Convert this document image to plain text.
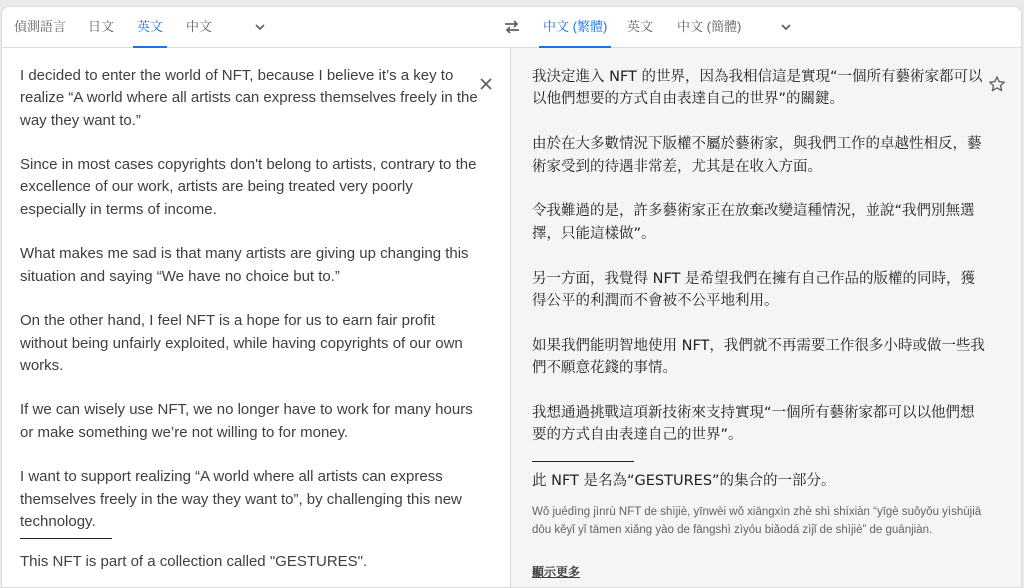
偵測語言 日文 英文 中文	中文 (繁體) 英文 中文 (簡體)

I decided to enter the world of NFT, because I believe it’s a key to realize “A world where all artists can express themselves freely in the way they want to.”

Since in most cases copyrights don't belong to artists, contrary to the excellence of our work, artists are being treated very poorly especially in terms of income.

What makes me sad is that many artists are giving up changing this situation and saying “We have no choice but to.”

On the other hand, I feel NFT is a hope for us to earn fair profit without being unfairly exploited, while having copyrights of our own works.

If we can wisely use NFT, we no longer have to work for many hours or make something we’re not willing to for money.

I want to support realizing “A world where all artists can express themselves freely in the way they want to”, by challenging this new technology.

This NFT is part of a collection called "GESTURES".

我決定進入 NFT 的世界，因為我相信這是實現“一個所有藝術家都可以以他們想要的方式自由表達自己的世界”的關鍵。

由於在大多數情況下版權不屬於藝術家，與我們工作的卓越性相反，藝術家受到的待遇非常差，尤其是在收入方面。

令我難過的是，許多藝術家正在放棄改變這種情況，並說“我們別無選擇，只能這樣做”。

另一方面，我覺得 NFT 是希望我們在擁有自己作品的版權的同時，獲得公平的利潤而不會被不公平地利用。

如果我們能明智地使用 NFT，我們就不再需要工作很多小時或做一些我們不願意花錢的事情。

我想通過挑戰這項新技術來支持實現“一個所有藝術家都可以以他們想要的方式自由表達自己的世界”。

此 NFT 是名為“GESTURES”的集合的一部分。

Wǒ juédìng jìnrù NFT de shìjiè, yīnwèi wǒ xiāngxìn zhè shì shíxiàn “yīgè suǒyǒu yìshùjiā dōu kěyǐ yǐ tāmen xiǎng yào de fāngshì zìyóu biǎodá zìjǐ de shìjiè” de guānjiàn.
顯示更多
